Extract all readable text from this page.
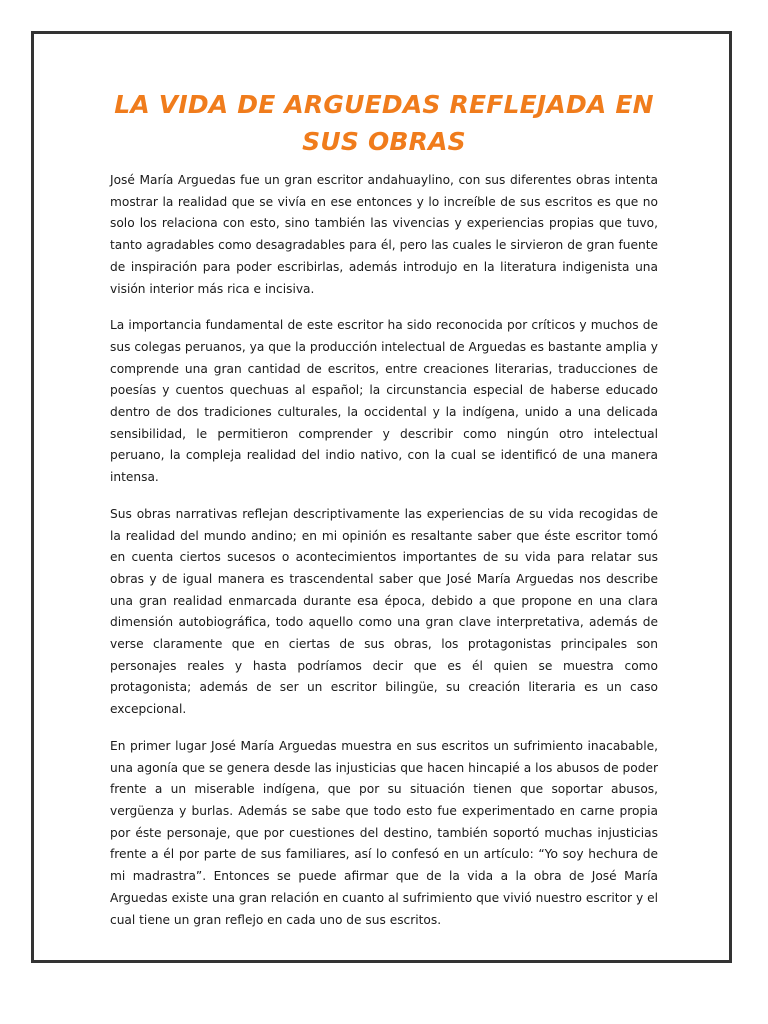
LA VIDA DE ARGUEDAS REFLEJADA EN SUS OBRAS

José María Arguedas fue un gran escritor andahuaylino, con sus diferentes obras intenta mostrar la realidad que se vivía en ese entonces y lo increíble de sus escritos es que no solo los relaciona con esto, sino también las vivencias y experiencias propias que tuvo, tanto agradables como desagradables para él, pero las cuales le sirvieron de gran fuente de inspiración para poder escribirlas, además introdujo en la literatura indigenista una visión interior más rica e incisiva.

La importancia fundamental de este escritor ha sido reconocida por críticos y muchos de sus colegas peruanos, ya que la producción intelectual de Arguedas es bastante amplia y comprende una gran cantidad de escritos, entre creaciones literarias, traducciones de poesías y cuentos quechuas al español; la circunstancia especial de haberse educado dentro de dos tradiciones culturales, la occidental y la indígena, unido a una delicada sensibilidad, le permitieron comprender y describir como ningún otro intelectual peruano, la compleja realidad del indio nativo, con la cual se identificó de una manera intensa.

Sus obras narrativas reflejan descriptivamente las experiencias de su vida recogidas de la realidad del mundo andino; en mi opinión es resaltante saber que éste escritor tomó en cuenta ciertos sucesos o acontecimientos importantes de su vida para relatar sus obras y de igual manera es trascendental saber que José María Arguedas nos describe una gran realidad enmarcada durante esa época, debido a que propone en una clara dimensión autobiográfica, todo aquello como una gran clave interpretativa, además de verse claramente que en ciertas de sus obras, los protagonistas principales son personajes reales y hasta podríamos decir que es él quien se muestra como protagonista; además de ser un escritor bilingüe, su creación literaria es un caso excepcional.

En primer lugar José María Arguedas muestra en sus escritos un sufrimiento inacabable, una agonía que se genera desde las injusticias que hacen hincapié a los abusos de poder frente a un miserable indígena, que por su situación tienen que soportar abusos, vergüenza y burlas. Además se sabe que todo esto fue experimentado en carne propia por éste personaje, que por cuestiones del destino, también soportó muchas injusticias frente a él por parte de sus familiares, así lo confesó en un artículo: “Yo soy hechura de mi madrastra”. Entonces se puede afirmar que de la vida a la obra de José María Arguedas existe una gran relación en cuanto al sufrimiento que vivió nuestro escritor y el cual tiene un gran reflejo en cada uno de sus escritos.
